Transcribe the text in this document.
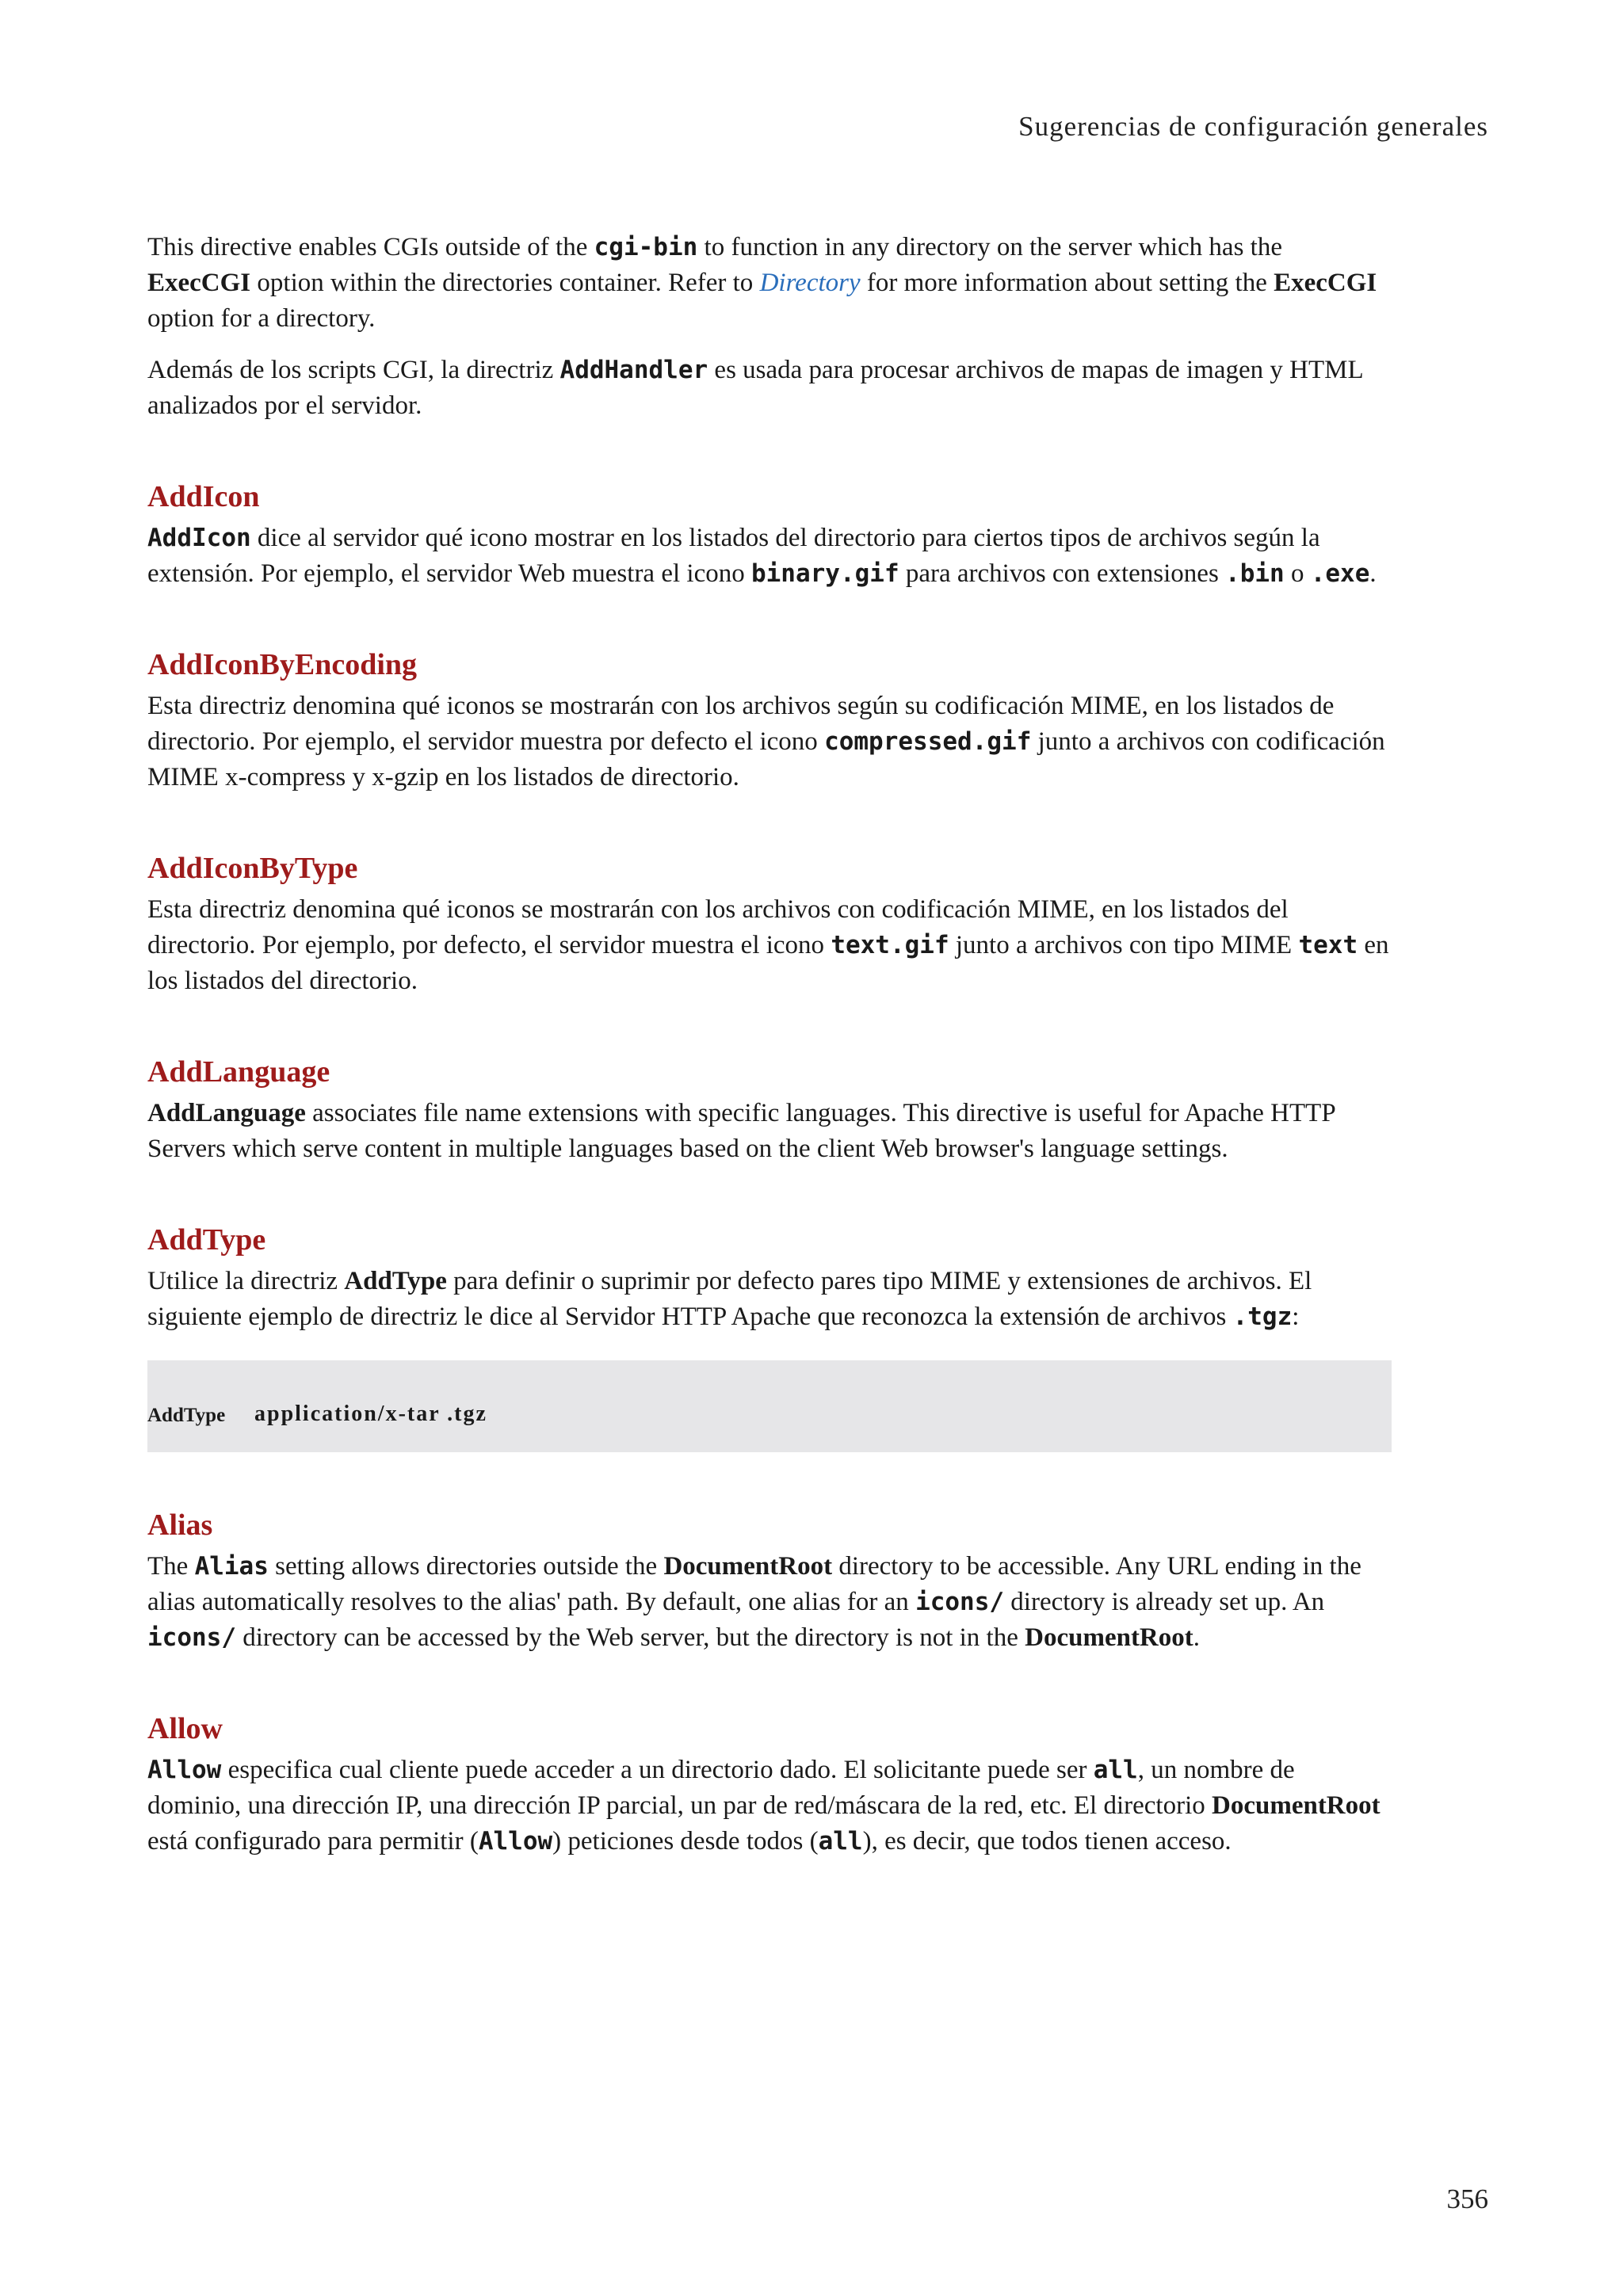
Sugerencias de configuración generales

This directive enables CGIs outside of the cgi-bin to function in any directory on the server which has the ExecCGI option within the directories container. Refer to Directory for more information about setting the ExecCGI option for a directory.

Además de los scripts CGI, la directriz AddHandler es usada para procesar archivos de mapas de imagen y HTML analizados por el servidor.

AddIcon

AddIcon dice al servidor qué icono mostrar en los listados del directorio para ciertos tipos de archivos según la extensión. Por ejemplo, el servidor Web muestra el icono binary.gif para archivos con extensiones .bin o .exe.

AddIconByEncoding

Esta directriz denomina qué iconos se mostrarán con los archivos según su codificación MIME, en los listados de directorio. Por ejemplo, el servidor muestra por defecto el icono compressed.gif junto a archivos con codificación MIME x-compress y x-gzip en los listados de directorio.

AddIconByType

Esta directriz denomina qué iconos se mostrarán con los archivos con codificación MIME, en los listados del directorio. Por ejemplo, por defecto, el servidor muestra el icono text.gif junto a archivos con tipo MIME text en los listados del directorio.

AddLanguage

AddLanguage associates file name extensions with specific languages. This directive is useful for Apache HTTP Servers which serve content in multiple languages based on the client Web browser's language settings.

AddType

Utilice la directriz AddType para definir o suprimir por defecto pares tipo MIME y extensiones de archivos. El siguiente ejemplo de directriz le dice al Servidor HTTP Apache que reconozca la extensión de archivos .tgz:

AddType application/x-tar .tgz
Alias

The Alias setting allows directories outside the DocumentRoot directory to be accessible. Any URL ending in the alias automatically resolves to the alias' path. By default, one alias for an icons/ directory is already set up. An icons/ directory can be accessed by the Web server, but the directory is not in the DocumentRoot.

Allow

Allow especifica cual cliente puede acceder a un directorio dado. El solicitante puede ser all, un nombre de dominio, una dirección IP, una dirección IP parcial, un par de red/máscara de la red, etc. El directorio DocumentRoot está configurado para permitir (Allow) peticiones desde todos (all), es decir, que todos tienen acceso.

356
